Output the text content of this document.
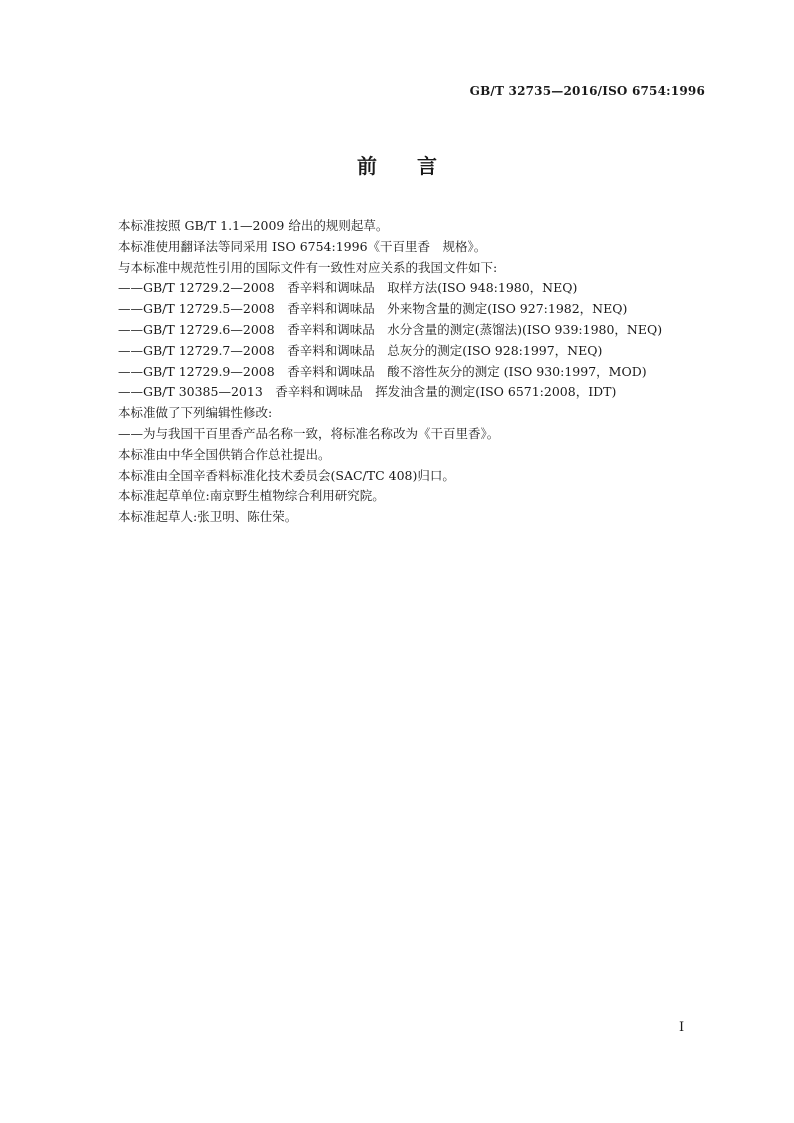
GB/T 32735—2016/ISO 6754:1996
前　　言
本标准按照 GB/T 1.1—2009 给出的规则起草。
本标准使用翻译法等同采用 ISO 6754:1996《干百里香　规格》。
与本标准中规范性引用的国际文件有一致性对应关系的我国文件如下:
——GB/T 12729.2—2008　香辛料和调味品　取样方法(ISO 948:1980，NEQ)
——GB/T 12729.5—2008　香辛料和调味品　外来物含量的测定(ISO 927:1982，NEQ)
——GB/T 12729.6—2008　香辛料和调味品　水分含量的测定(蒸馏法)(ISO 939:1980，NEQ)
——GB/T 12729.7—2008　香辛料和调味品　总灰分的测定(ISO 928:1997，NEQ)
——GB/T 12729.9—2008　香辛料和调味品　酸不溶性灰分的测定 (ISO 930:1997，MOD)
——GB/T 30385—2013　香辛料和调味品　挥发油含量的测定(ISO 6571:2008，IDT)
本标准做了下列编辑性修改:
——为与我国干百里香产品名称一致，将标准名称改为《干百里香》。
本标准由中华全国供销合作总社提出。
本标准由全国辛香料标准化技术委员会(SAC/TC 408)归口。
本标准起草单位:南京野生植物综合利用研究院。
本标准起草人:张卫明、陈仕荣。
I
